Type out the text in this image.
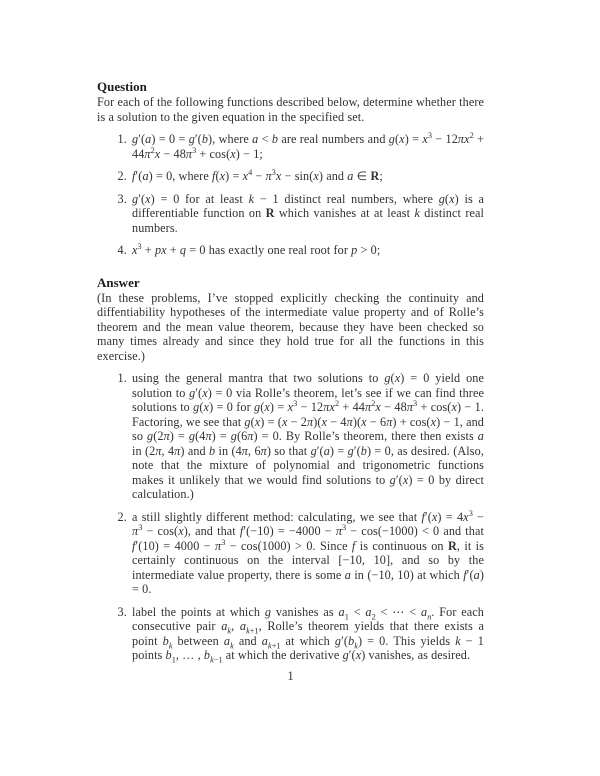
Question

For each of the following functions described below, determine whether there is a solution to the given equation in the specified set.

1. g′(a) = 0 = g′(b), where a < b are real numbers and $g(x) = x^3 - 12\pi x^2 + 44\pi^2x - 48\pi^3 + \cos(x) - 1$;
2. f′(a) = 0, where $f(x) = x^4 - \pi^3x - \sin(x)$ and a ∈ R;
3. g′(x) = 0 for at least k − 1 distinct real numbers, where g(x) is a differentiable function on R which vanishes at at least k distinct real numbers.
4. $x^3$ + px + q = 0 has exactly one real root for p > 0;
Answer

(In these problems, I’ve stopped explicitly checking the continuity and diffentiability hypotheses of the intermediate value property and of Rolle’s theorem and the mean value theorem, because they have been checked so many times already and since they hold true for all the functions in this exercise.)

1. using the general mantra that two solutions to g(x) = 0 yield one solution to g′(x) = 0 via Rolle’s theorem, let’s see if we can find three solutions to g(x) = 0 for $g(x) = x^3 - 12\pi x^2 + 44\pi^2x - 48\pi^3 + \cos(x) - 1$. Factoring, we see that g(x) = (x − 2π)(x − 4π)(x − 6π) + cos(x) − 1, and so g(2π) = g(4π) = g(6π) = 0. By Rolle’s theorem, there then exists a in (2π, 4π) and b in (4π, 6π) so that g′(a) = g′(b) = 0, as desired. (Also, note that the mixture of polynomial and trigonometric functions makes it unlikely that we would find solutions to g′(x) = 0 by direct calculation.)
2. a still slightly different method: calculating, we see that $f'(x) = 4x^3 - \pi^3 - \cos(x)$, and that $f'(-10) = -4000 - \pi^3 - \cos(-1000) < 0$ and that $f'(10) = 4000 - \pi^3 - \cos(1000) > 0$. Since f is continuous on R, it is certainly continuous on the interval [−10, 10], and so by the intermediate value property, there is some a in (−10, 10) at which f′(a) = 0.
3. label the points at which g vanishes as $a_1 < a_2$ < ⋯ < $a_n$. For each consecutive pair $a_k$, $a_{k+1}$, Rolle’s theorem yields that there exists a point $b_k$ between $a_k$ and $a_{k+1}$ at which $g'(b_k) = 0$. This yields k − 1 points $b_1$, … , $b_{k-1}$ at which the derivative g′(x) vanishes, as desired.
1
